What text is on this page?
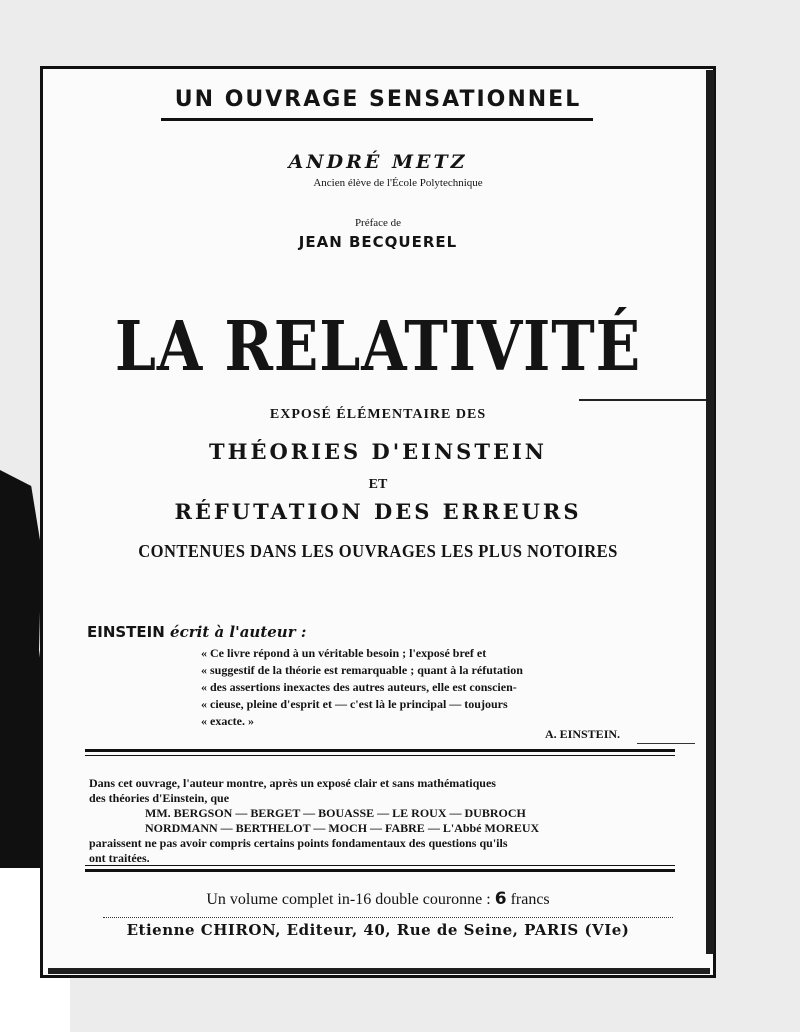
UN OUVRAGE SENSATIONNEL
ANDRÉ METZ
Ancien élève de l'École Polytechnique
Préface de
JEAN BECQUEREL
LA RELATIVITÉ
EXPOSÉ ÉLÉMENTAIRE DES
THÉORIES D'EINSTEIN
ET
RÉFUTATION DES ERREURS
CONTENUES DANS LES OUVRAGES LES PLUS NOTOIRES
EINSTEIN écrit à l'auteur :
« Ce livre répond à un véritable besoin ; l'exposé bref et
« suggestif de la théorie est remarquable ; quant à la réfutation
« des assertions inexactes des autres auteurs, elle est conscien-
« cieuse, pleine d'esprit et — c'est là le principal — toujours
« exacte. »
A. EINSTEIN.
Dans cet ouvrage, l'auteur montre, après un exposé clair et sans mathématiques
des théories d'Einstein, que
MM. BERGSON — BERGET — BOUASSE — LE ROUX — DUBROCH
NORDMANN — BERTHELOT — MOCH — FABRE — L'Abbé MOREUX
paraissent ne pas avoir compris certains points fondamentaux des questions qu'ils
ont traitées.
Un volume complet in-16 double couronne : 6 francs
Etienne CHIRON, Editeur, 40, Rue de Seine, PARIS (VIe)
